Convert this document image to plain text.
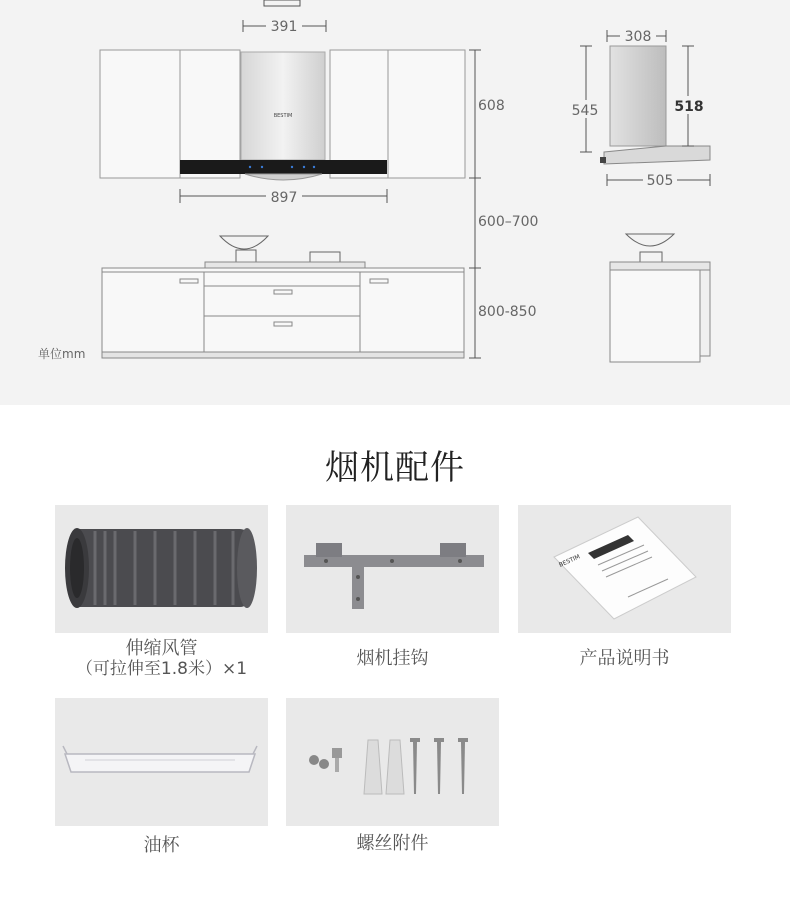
391
BESTIM
897
608
600–700
800-850
308
545	518
505
单位mm
烟机配件
伸缩风管
（可拉伸至1.8米）×1	烟机挂钩
BESTIM
产品说明书
油杯	螺丝附件
